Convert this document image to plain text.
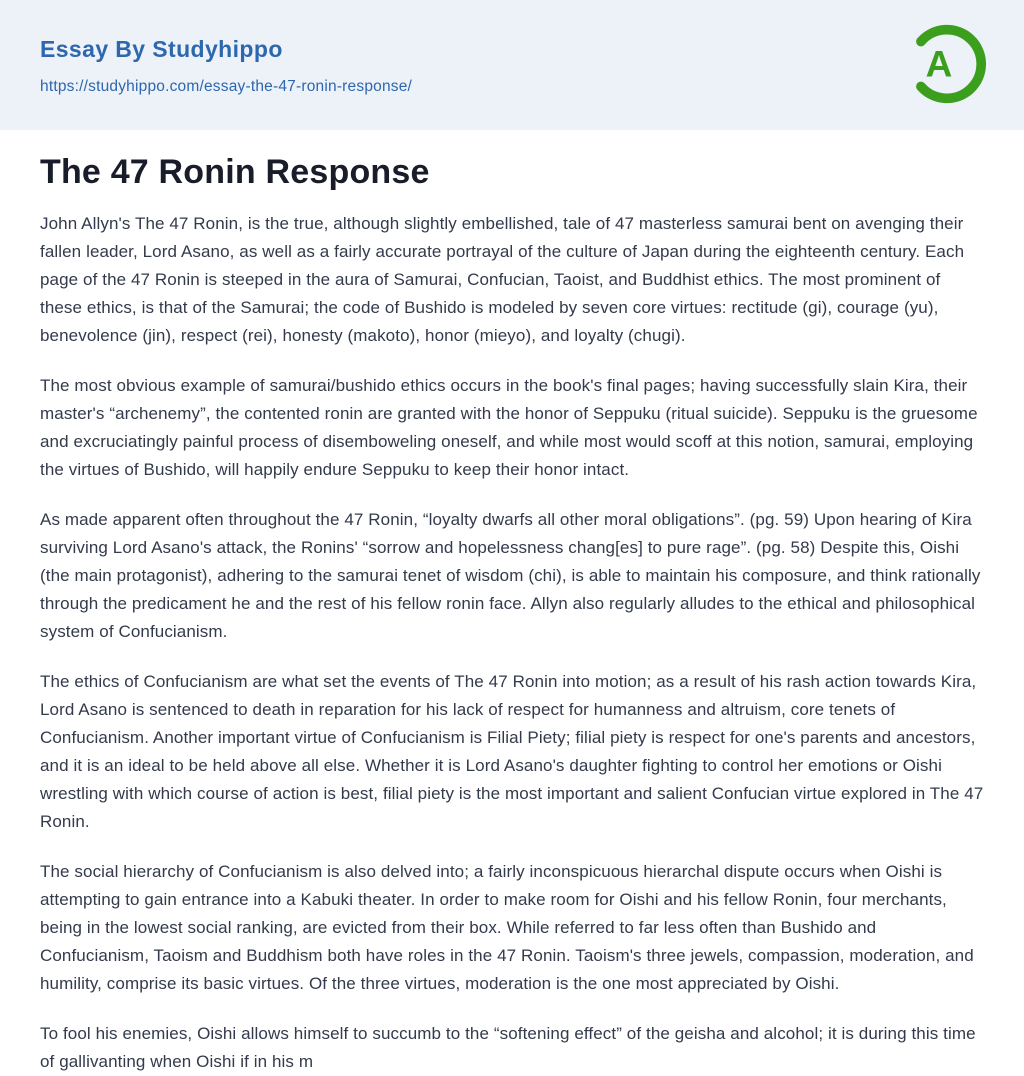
Essay By Studyhippo
https://studyhippo.com/essay-the-47-ronin-response/
A
The 47 Ronin Response

John Allyn's The 47 Ronin, is the true, although slightly embellished, tale of 47 masterless samurai bent on avenging their fallen leader, Lord Asano, as well as a fairly accurate portrayal of the culture of Japan during the eighteenth century. Each page of the 47 Ronin is steeped in the aura of Samurai, Confucian, Taoist, and Buddhist ethics. The most prominent of these ethics, is that of the Samurai; the code of Bushido is modeled by seven core virtues: rectitude (gi), courage (yu), benevolence (jin), respect (rei), honesty (makoto), honor (mieyo), and loyalty (chugi).

The most obvious example of samurai/bushido ethics occurs in the book's final pages; having successfully slain Kira, their master's “archenemy”, the contented ronin are granted with the honor of Seppuku (ritual suicide). Seppuku is the gruesome and excruciatingly painful process of disemboweling oneself, and while most would scoff at this notion, samurai, employing the virtues of Bushido, will happily endure Seppuku to keep their honor intact.

As made apparent often throughout the 47 Ronin, “loyalty dwarfs all other moral obligations”. (pg. 59) Upon hearing of Kira surviving Lord Asano's attack, the Ronins' “sorrow and hopelessness chang[es] to pure rage”. (pg. 58) Despite this, Oishi (the main protagonist), adhering to the samurai tenet of wisdom (chi), is able to maintain his composure, and think rationally through the predicament he and the rest of his fellow ronin face. Allyn also regularly alludes to the ethical and philosophical system of Confucianism.

The ethics of Confucianism are what set the events of The 47 Ronin into motion; as a result of his rash action towards Kira, Lord Asano is sentenced to death in reparation for his lack of respect for humanness and altruism, core tenets of Confucianism. Another important virtue of Confucianism is Filial Piety; filial piety is respect for one's parents and ancestors, and it is an ideal to be held above all else. Whether it is Lord Asano's daughter fighting to control her emotions or Oishi wrestling with which course of action is best, filial piety is the most important and salient Confucian virtue explored in The 47 Ronin.

The social hierarchy of Confucianism is also delved into; a fairly inconspicuous hierarchal dispute occurs when Oishi is attempting to gain entrance into a Kabuki theater. In order to make room for Oishi and his fellow Ronin, four merchants, being in the lowest social ranking, are evicted from their box. While referred to far less often than Bushido and Confucianism, Taoism and Buddhism both have roles in the 47 Ronin. Taoism's three jewels, compassion, moderation, and humility, comprise its basic virtues. Of the three virtues, moderation is the one most appreciated by Oishi.

To fool his enemies, Oishi allows himself to succumb to the “softening effect” of the geisha and alcohol; it is during this time of gallivanting when Oishi if in his m
